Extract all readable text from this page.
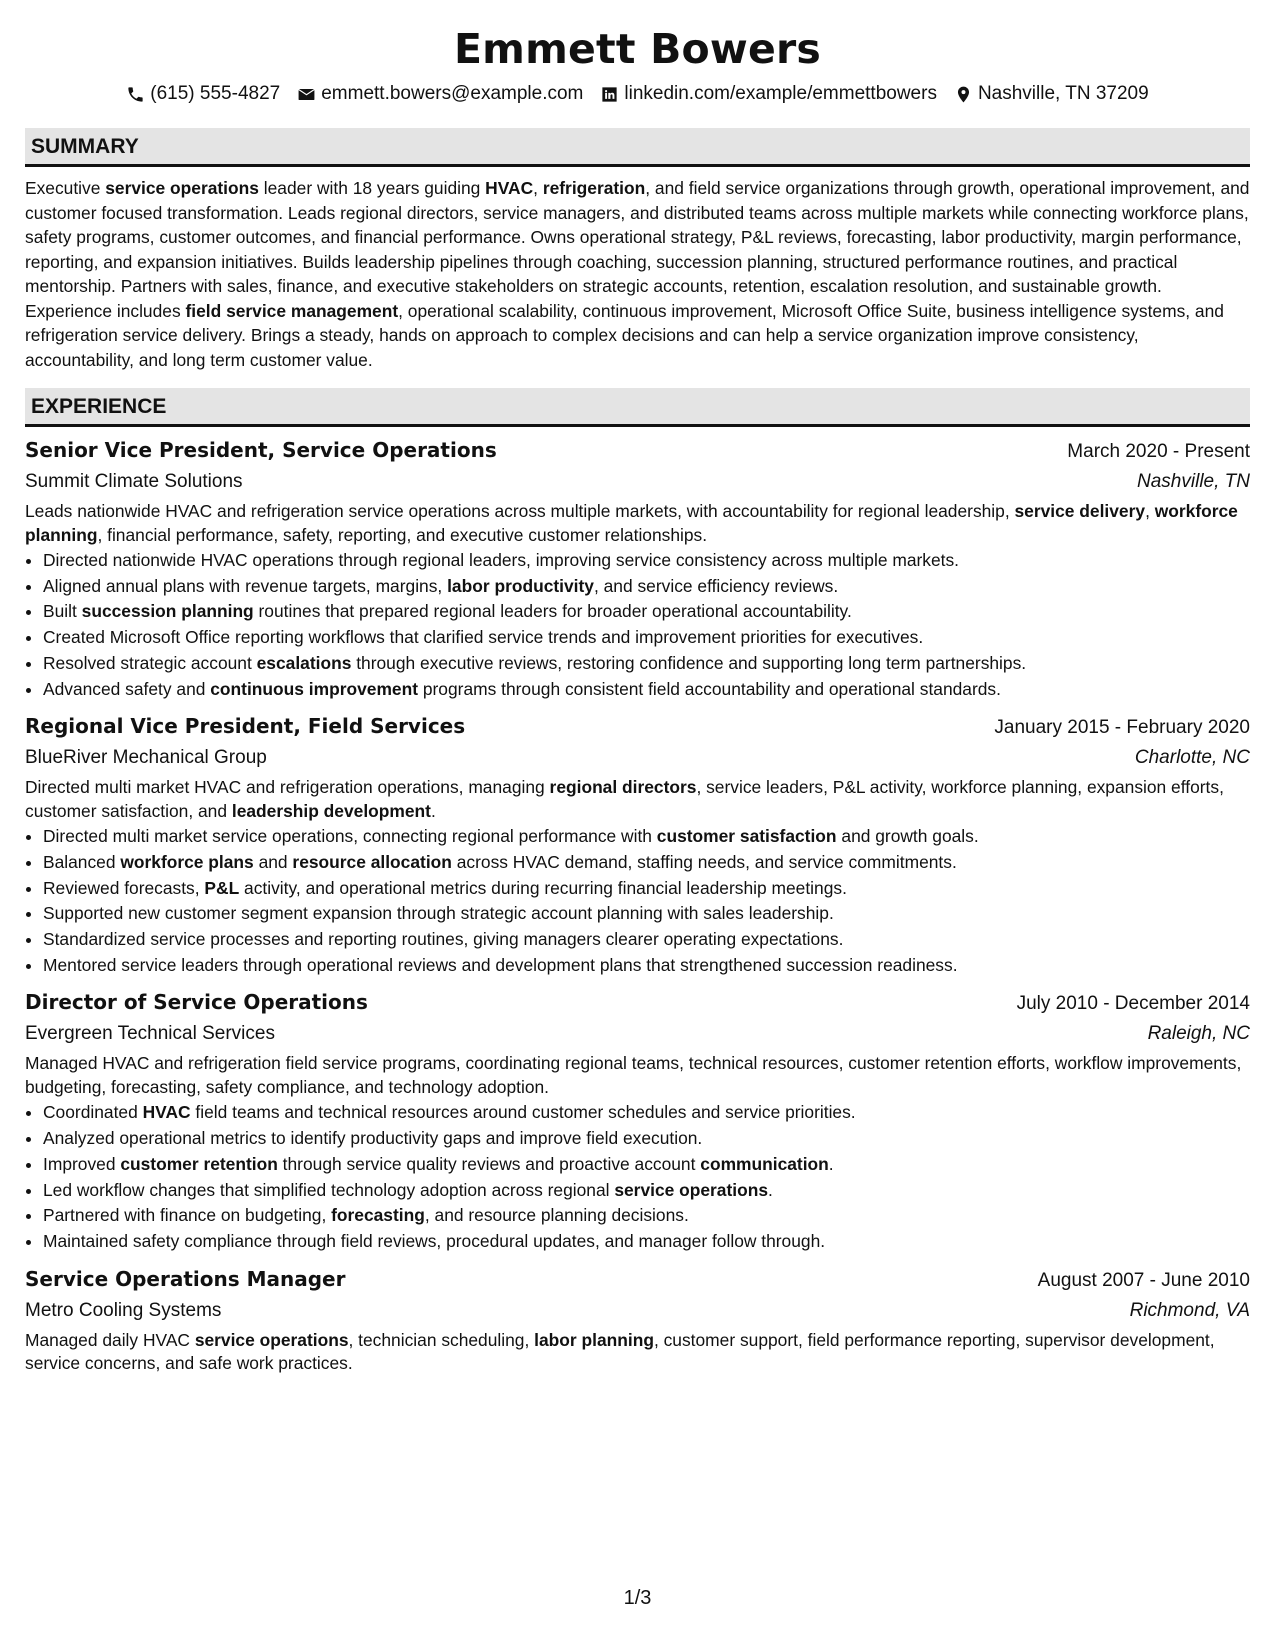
Emmett Bowers
(615) 555-4827 emmett.bowers@example.com linkedin.com/example/emmettbowers Nashville, TN 37209
SUMMARY
Executive service operations leader with 18 years guiding HVAC, refrigeration, and field service organizations through growth, operational improvement, and customer focused transformation. Leads regional directors, service managers, and distributed teams across multiple markets while connecting workforce plans, safety programs, customer outcomes, and financial performance. Owns operational strategy, P&L reviews, forecasting, labor productivity, margin performance, reporting, and expansion initiatives. Builds leadership pipelines through coaching, succession planning, structured performance routines, and practical mentorship. Partners with sales, finance, and executive stakeholders on strategic accounts, retention, escalation resolution, and sustainable growth. Experience includes field service management, operational scalability, continuous improvement, Microsoft Office Suite, business intelligence systems, and refrigeration service delivery. Brings a steady, hands on approach to complex decisions and can help a service organization improve consistency, accountability, and long term customer value.
EXPERIENCE
Senior Vice President, Service Operations	March 2020 - Present
Summit Climate Solutions	Nashville, TN
Leads nationwide HVAC and refrigeration service operations across multiple markets, with accountability for regional leadership, service delivery, workforce planning, financial performance, safety, reporting, and executive customer relationships.
• Directed nationwide HVAC operations through regional leaders, improving service consistency across multiple markets.
• Aligned annual plans with revenue targets, margins, labor productivity, and service efficiency reviews.
• Built succession planning routines that prepared regional leaders for broader operational accountability.
• Created Microsoft Office reporting workflows that clarified service trends and improvement priorities for executives.
• Resolved strategic account escalations through executive reviews, restoring confidence and supporting long term partnerships.
• Advanced safety and continuous improvement programs through consistent field accountability and operational standards.
Regional Vice President, Field Services	January 2015 - February 2020
BlueRiver Mechanical Group	Charlotte, NC
Directed multi market HVAC and refrigeration operations, managing regional directors, service leaders, P&L activity, workforce planning, expansion efforts, customer satisfaction, and leadership development.
• Directed multi market service operations, connecting regional performance with customer satisfaction and growth goals.
• Balanced workforce plans and resource allocation across HVAC demand, staffing needs, and service commitments.
• Reviewed forecasts, P&L activity, and operational metrics during recurring financial leadership meetings.
• Supported new customer segment expansion through strategic account planning with sales leadership.
• Standardized service processes and reporting routines, giving managers clearer operating expectations.
• Mentored service leaders through operational reviews and development plans that strengthened succession readiness.
Director of Service Operations	July 2010 - December 2014
Evergreen Technical Services	Raleigh, NC
Managed HVAC and refrigeration field service programs, coordinating regional teams, technical resources, customer retention efforts, workflow improvements, budgeting, forecasting, safety compliance, and technology adoption.
• Coordinated HVAC field teams and technical resources around customer schedules and service priorities.
• Analyzed operational metrics to identify productivity gaps and improve field execution.
• Improved customer retention through service quality reviews and proactive account communication.
• Led workflow changes that simplified technology adoption across regional service operations.
• Partnered with finance on budgeting, forecasting, and resource planning decisions.
• Maintained safety compliance through field reviews, procedural updates, and manager follow through.
Service Operations Manager	August 2007 - June 2010
Metro Cooling Systems	Richmond, VA
Managed daily HVAC service operations, technician scheduling, labor planning, customer support, field performance reporting, supervisor development, service concerns, and safe work practices.
1/3
